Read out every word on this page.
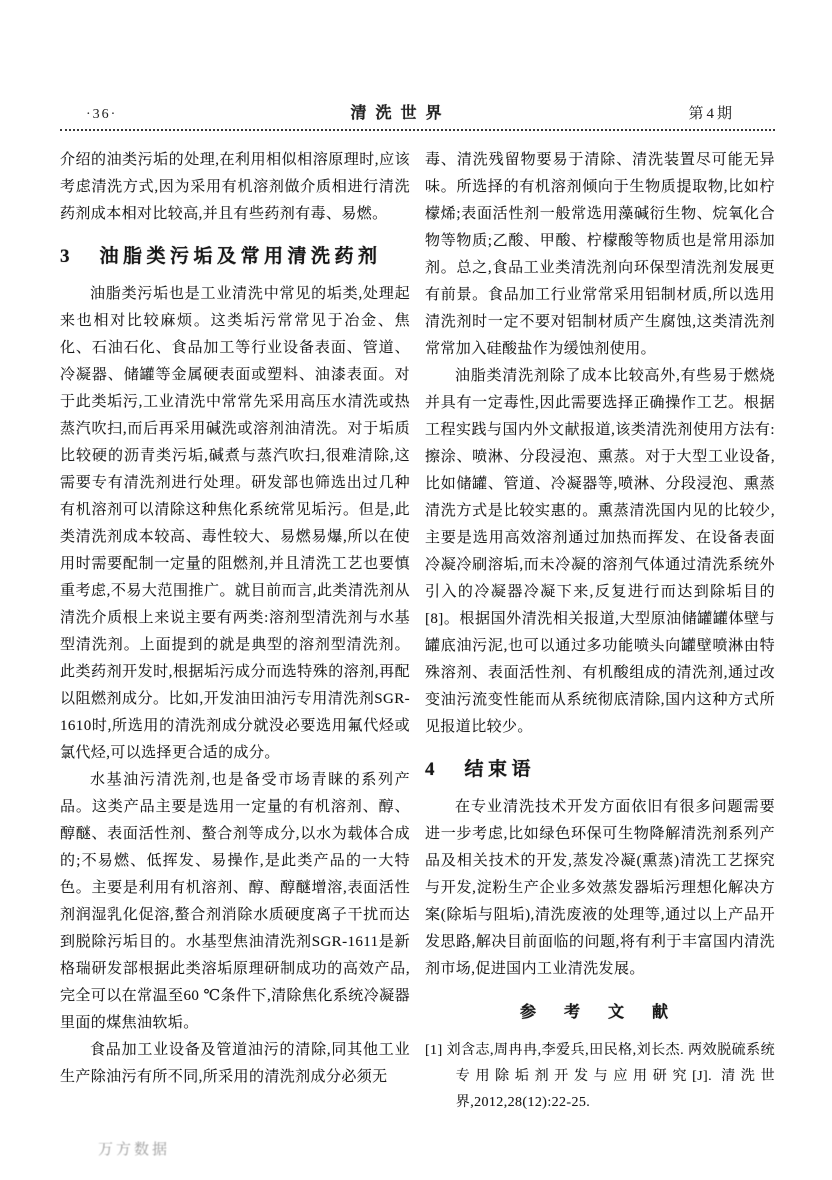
·36·	清洗世界	第4期

介绍的油类污垢的处理,在利用相似相溶原理时,应该考虑清洗方式,因为采用有机溶剂做介质相进行清洗药剂成本相对比较高,并且有些药剂有毒、易燃。

3 油脂类污垢及常用清洗药剂

油脂类污垢也是工业清洗中常见的垢类,处理起来也相对比较麻烦。这类垢污常常见于冶金、焦化、石油石化、食品加工等行业设备表面、管道、冷凝器、储罐等金属硬表面或塑料、油漆表面。对于此类垢污,工业清洗中常常先采用高压水清洗或热蒸汽吹扫,而后再采用碱洗或溶剂油清洗。对于垢质比较硬的沥青类污垢,碱煮与蒸汽吹扫,很难清除,这需要专有清洗剂进行处理。研发部也筛选出过几种有机溶剂可以清除这种焦化系统常见垢污。但是,此类清洗剂成本较高、毒性较大、易燃易爆,所以在使用时需要配制一定量的阻燃剂,并且清洗工艺也要慎重考虑,不易大范围推广。就目前而言,此类清洗剂从清洗介质根上来说主要有两类:溶剂型清洗剂与水基型清洗剂。上面提到的就是典型的溶剂型清洗剂。此类药剂开发时,根据垢污成分而选特殊的溶剂,再配以阻燃剂成分。比如,开发油田油污专用清洗剂SGR-1610时,所选用的清洗剂成分就没必要选用氟代烃或氯代烃,可以选择更合适的成分。

水基油污清洗剂,也是备受市场青睐的系列产品。这类产品主要是选用一定量的有机溶剂、醇、醇醚、表面活性剂、螯合剂等成分,以水为载体合成的;不易燃、低挥发、易操作,是此类产品的一大特色。主要是利用有机溶剂、醇、醇醚增溶,表面活性剂润湿乳化促溶,螯合剂消除水质硬度离子干扰而达到脱除污垢目的。水基型焦油清洗剂SGR-1611是新格瑞研发部根据此类溶垢原理研制成功的高效产品,完全可以在常温至60 ℃条件下,清除焦化系统冷凝器里面的煤焦油软垢。

食品加工业设备及管道油污的清除,同其他工业生产除油污有所不同,所采用的清洗剂成分必须无

毒、清洗残留物要易于清除、清洗装置尽可能无异味。所选择的有机溶剂倾向于生物质提取物,比如柠檬烯;表面活性剂一般常选用藻碱衍生物、烷氧化合物等物质;乙酸、甲酸、柠檬酸等物质也是常用添加剂。总之,食品工业类清洗剂向环保型清洗剂发展更有前景。食品加工行业常常采用铝制材质,所以选用清洗剂时一定不要对铝制材质产生腐蚀,这类清洗剂常常加入硅酸盐作为缓蚀剂使用。

油脂类清洗剂除了成本比较高外,有些易于燃烧并具有一定毒性,因此需要选择正确操作工艺。根据工程实践与国内外文献报道,该类清洗剂使用方法有:擦涂、喷淋、分段浸泡、熏蒸。对于大型工业设备,比如储罐、管道、冷凝器等,喷淋、分段浸泡、熏蒸清洗方式是比较实惠的。熏蒸清洗国内见的比较少,主要是选用高效溶剂通过加热而挥发、在设备表面冷凝冷刷溶垢,而未冷凝的溶剂气体通过清洗系统外引入的冷凝器冷凝下来,反复进行而达到除垢目的[8]。根据国外清洗相关报道,大型原油储罐罐体壁与罐底油污泥,也可以通过多功能喷头向罐壁喷淋由特殊溶剂、表面活性剂、有机酸组成的清洗剂,通过改变油污流变性能而从系统彻底清除,国内这种方式所见报道比较少。

4 结束语

在专业清洗技术开发方面依旧有很多问题需要进一步考虑,比如绿色环保可生物降解清洗剂系列产品及相关技术的开发,蒸发冷凝(熏蒸)清洗工艺探究与开发,淀粉生产企业多效蒸发器垢污理想化解决方案(除垢与阻垢),清洗废液的处理等,通过以上产品开发思路,解决目前面临的问题,将有利于丰富国内清洗剂市场,促进国内工业清洗发展。

参 考 文 献
[1] 刘含志,周冉冉,李爱兵,田民格,刘长杰. 两效脱硫系统专用除垢剂开发与应用研究[J]. 清洗世界,2012,28(12):22-25.
万方数据
